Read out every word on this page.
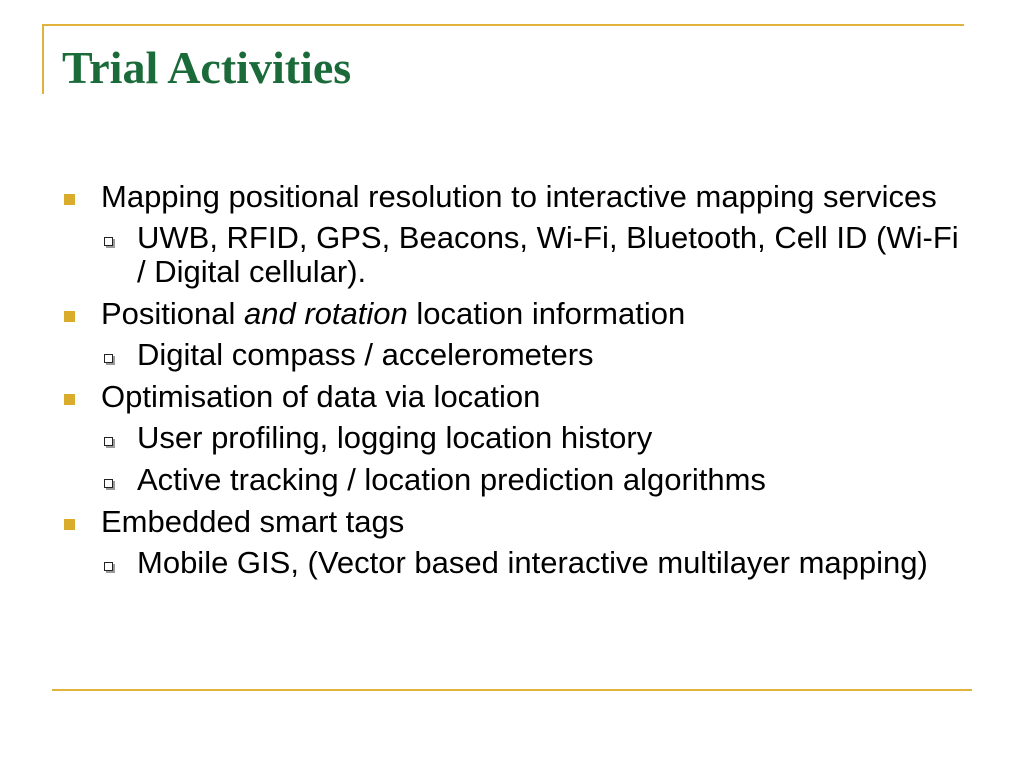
Trial Activities
Mapping positional resolution to interactive mapping services
UWB, RFID, GPS, Beacons, Wi-Fi, Bluetooth, Cell ID (Wi-Fi / Digital cellular).
Positional and rotation location information
Digital compass / accelerometers
Optimisation of data via location
User profiling, logging location history
Active tracking / location prediction algorithms
Embedded smart tags
Mobile GIS, (Vector based interactive multilayer mapping)
